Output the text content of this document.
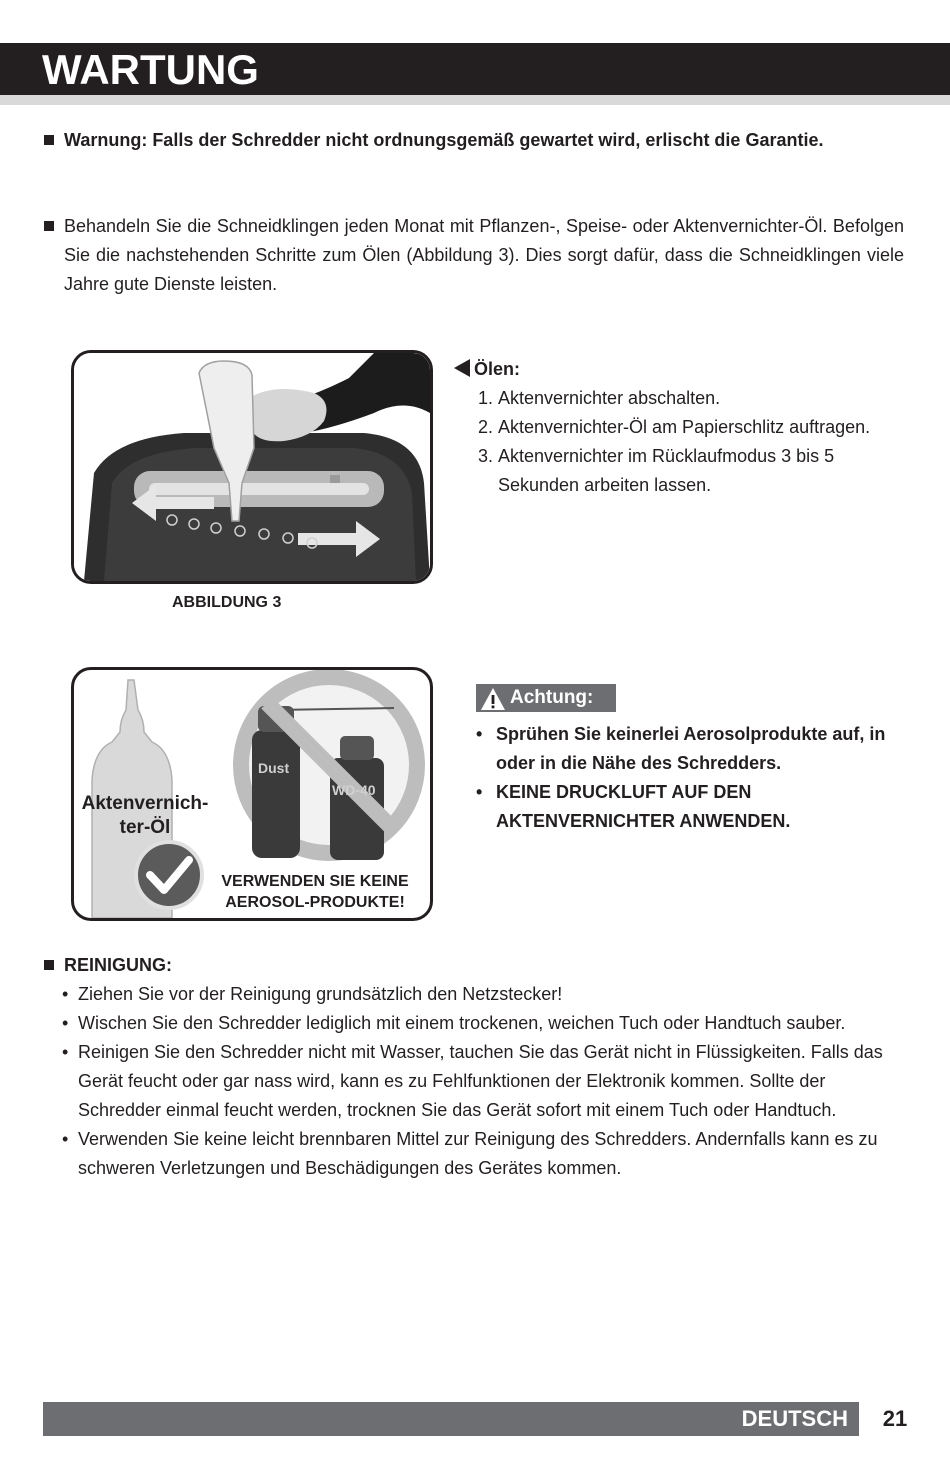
WARTUNG

Warnung: Falls der Schredder nicht ordnungsgemäß gewartet wird, erlischt die Garantie.

Behandeln Sie die Schneidklingen jeden Monat mit Pflanzen-, Speise- oder Aktenvernichter-Öl. Befolgen Sie die nachstehenden Schritte zum Ölen (Abbildung 3). Dies sorgt dafür, dass die Schneidklingen viele Jahre gute Dienste leisten.

ABBILDUNG 3
Ölen:
1. Aktenvernichter abschalten.
2. Aktenvernichter-Öl am Papierschlitz auftragen.
3. Aktenvernichter im Rücklaufmodus 3 bis 5 Sekunden arbeiten lassen.
Dust
WD-40
Aktenvernich-
ter-Öl
VERWENDEN SIE KEINE
AEROSOL-PRODUKTE!
Achtung:
• Sprühen Sie keinerlei Aerosolprodukte auf, in oder in die Nähe des Schredders.
• KEINE DRUCKLUFT AUF DEN AKTENVERNICHTER ANWENDEN.
REINIGUNG:
• Ziehen Sie vor der Reinigung grundsätzlich den Netzstecker!
• Wischen Sie den Schredder lediglich mit einem trockenen, weichen Tuch oder Handtuch sauber.
• Reinigen Sie den Schredder nicht mit Wasser, tauchen Sie das Gerät nicht in Flüssigkeiten. Falls das Gerät feucht oder gar nass wird, kann es zu Fehlfunktionen der Elektronik kommen. Sollte der Schredder einmal feucht werden, trocknen Sie das Gerät sofort mit einem Tuch oder Handtuch.
• Verwenden Sie keine leicht brennbaren Mittel zur Reinigung des Schredders. Andernfalls kann es zu schweren Verletzungen und Beschädigungen des Gerätes kommen.
DEUTSCH	21
